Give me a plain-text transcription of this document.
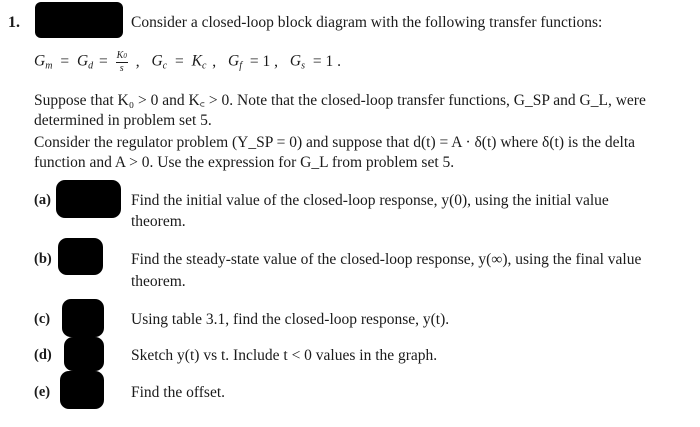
1.	Consider a closed-loop block diagram with the following transfer functions:
$G_m = G_d = \frac{K0}{s}$ , $G_c = K_c$ , $G_f = 1$ , $G_s = 1$ .
Suppose that K₀ > 0 and K꜀ > 0. Note that the closed-loop transfer functions, G_SP and G_L, were
determined in problem set 5.
Consider the regulator problem (Y_SP = 0) and suppose that d(t) = A · δ(t) where δ(t) is the delta
function and A > 0. Use the expression for G_L from problem set 5.
(a)	Find the initial value of the closed-loop response, y(0), using the initial value
theorem.
(b)	Find the steady-state value of the closed-loop response, y(∞), using the final value
theorem.
(c)	Using table 3.1, find the closed-loop response, y(t).
(d)	Sketch y(t) vs t. Include t < 0 values in the graph.
(e)	Find the offset.
